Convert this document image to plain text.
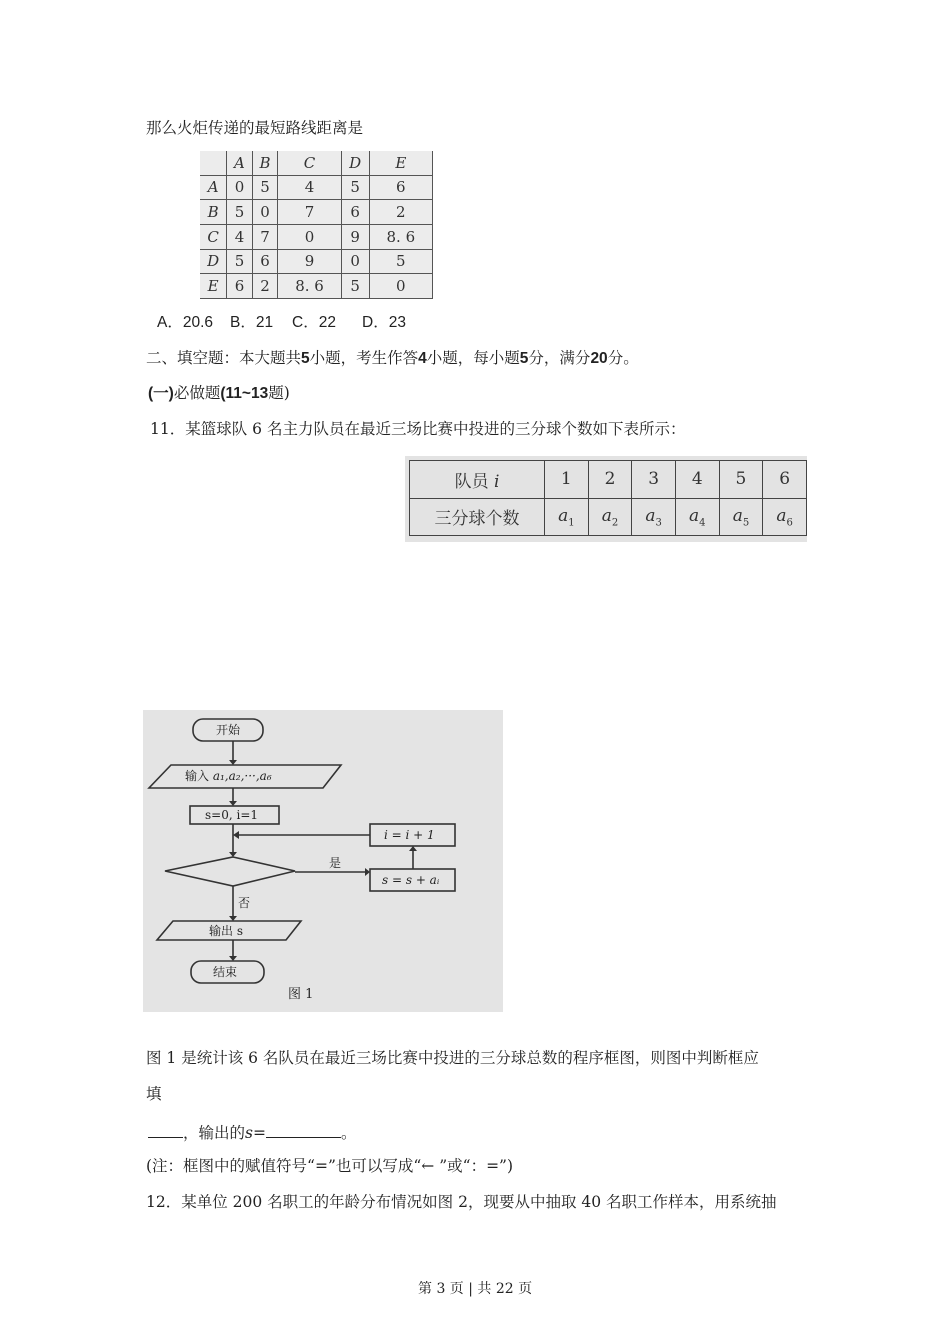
那么火炬传递的最短路线距离是
	A	B	C	D	E
A	0	5	4	5	6
B	5	0	7	6	2
C	4	7	0	9	8. 6
D	5	6	9	0	5
E	6	2	8. 6	5	0
A．20.6 B．21 C．22 D．23
二、填空题：本大题共5小题，考生作答4小题，每小题5分，满分20分。
(一)必做题(11~13题)
11．某篮球队 6 名主力队员在最近三场比赛中投进的三分球个数如下表所示：
队员 i	1	2	3	4	5	6
三分球个数	$a_1$	$a_2$	$a_3$	$a_4$	$a_5$	$a_6$
开始
输入 a₁,a₂,···,a₆
s=0, i=1
i = i + 1
s = s + aᵢ
是
否
输出 s
结束
图 1
图 1 是统计该 6 名队员在最近三场比赛中投进的三分球总数的程序框图，则图中判断框应
填
，输出的s=	。
(注：框图中的赋值符号“=”也可以写成“← ”或“：=”)
12．某单位 200 名职工的年龄分布情况如图 2，现要从中抽取 40 名职工作样本，用系统抽
第 3 页 | 共 22 页
